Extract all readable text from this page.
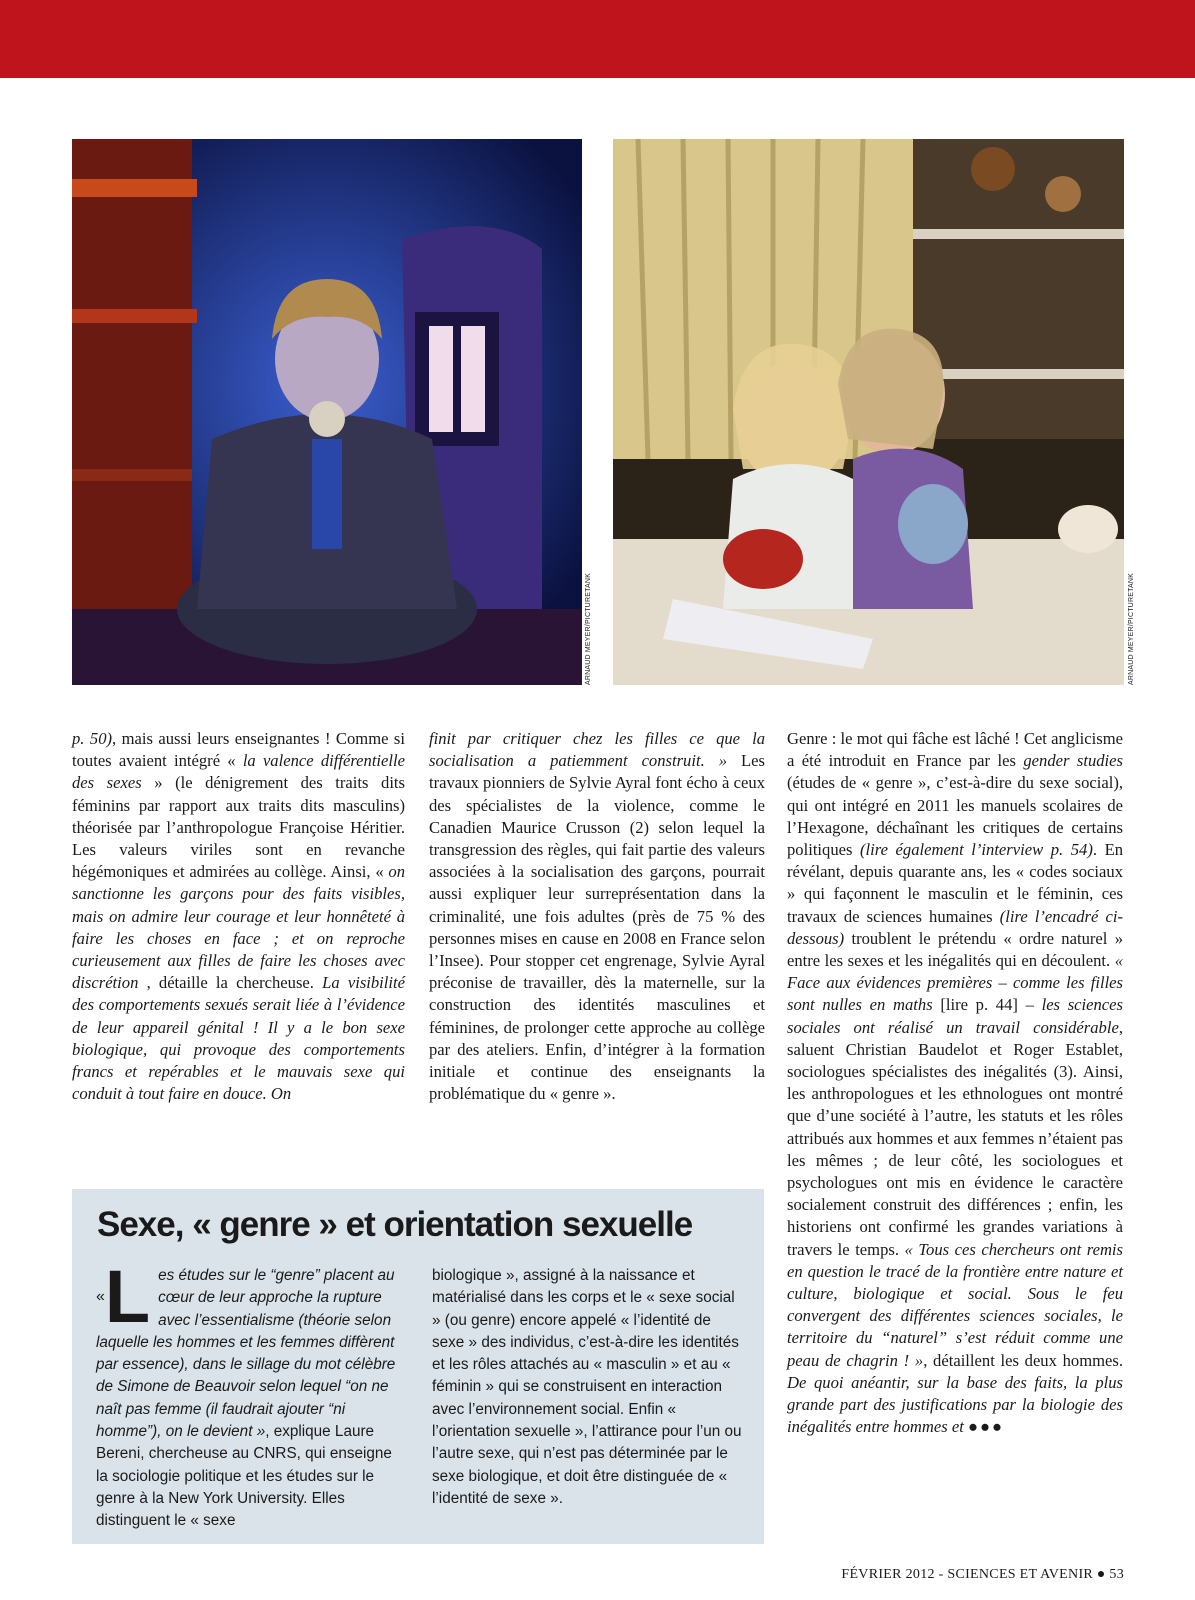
ARNAUD MEYER/PICTURETANK	ARNAUD MEYER/PICTURETANK

p. 50), mais aussi leurs enseignantes ! Comme si toutes avaient intégré « la valence différentielle des sexes » (le dénigrement des traits dits féminins par rapport aux traits dits masculins) théorisée par l’anthropologue Françoise Héritier. Les valeurs viriles sont en revanche hégémoniques et admirées au collège. Ainsi, « on sanctionne les garçons pour des faits visibles, mais on admire leur courage et leur honnêteté à faire les choses en face ; et on reproche curieusement aux filles de faire les choses avec discrétion , détaille la chercheuse. La visibilité des comportements sexués serait liée à l’évidence de leur appareil génital ! Il y a le bon sexe biologique, qui provoque des comportements francs et repérables et le mauvais sexe qui conduit à tout faire en douce. On

finit par critiquer chez les filles ce que la socialisation a patiemment construit. » Les travaux pionniers de Sylvie Ayral font écho à ceux des spécialistes de la violence, comme le Canadien Maurice Crusson (2) selon lequel la transgression des règles, qui fait partie des valeurs associées à la socialisation des garçons, pourrait aussi expliquer leur surreprésentation dans la criminalité, une fois adultes (près de 75 % des personnes mises en cause en 2008 en France selon l’Insee). Pour stopper cet engrenage, Sylvie Ayral préconise de travailler, dès la maternelle, sur la construction des identités masculines et féminines, de prolonger cette approche au collège par des ateliers. Enfin, d’intégrer à la formation initiale et continue des enseignants la problématique du « genre ».

Genre : le mot qui fâche est lâché ! Cet anglicisme a été introduit en France par les gender studies (études de « genre », c’est-à-dire du sexe social), qui ont intégré en 2011 les manuels scolaires de l’Hexagone, déchaînant les critiques de certains politiques (lire également l’interview p. 54). En révélant, depuis quarante ans, les « codes sociaux » qui façonnent le masculin et le féminin, ces travaux de sciences humaines (lire l’encadré ci-dessous) troublent le prétendu « ordre naturel » entre les sexes et les inégalités qui en découlent. « Face aux évidences premières – comme les filles sont nulles en maths [lire p. 44] – les sciences sociales ont réalisé un travail considérable, saluent Christian Baudelot et Roger Establet, sociologues spécialistes des inégalités (3). Ainsi, les anthropologues et les ethnologues ont montré que d’une société à l’autre, les statuts et les rôles attribués aux hommes et aux femmes n’étaient pas les mêmes ; de leur côté, les sociologues et psychologues ont mis en évidence le caractère socialement construit des différences ; enfin, les historiens ont confirmé les grandes variations à travers le temps. « Tous ces chercheurs ont remis en question le tracé de la frontière entre nature et culture, biologique et social. Sous le feu convergent des différentes sciences sociales, le territoire du “naturel” s’est réduit comme une peau de chagrin ! », détaillent les deux hommes. De quoi anéantir, sur la base des faits, la plus grande part des justifications par la biologie des inégalités entre hommes et ●●●

Sexe, « genre » et orientation sexuelle

«L es études sur le “genre” placent au cœur de leur approche la rupture avec l’essentialisme (théorie selon laquelle les hommes et les femmes diffèrent par essence), dans le sillage du mot célèbre de Simone de Beauvoir selon lequel “on ne naît pas femme (il faudrait ajouter “ni homme”), on le devient », explique Laure Bereni, chercheuse au CNRS, qui enseigne la sociologie politique et les études sur le genre à la New York University. Elles distinguent le « sexe

biologique », assigné à la naissance et matérialisé dans les corps et le « sexe social » (ou genre) encore appelé « l’identité de sexe » des individus, c’est-à-dire les identités et les rôles attachés au « masculin » et au « féminin » qui se construisent en interaction avec l’environnement social. Enfin « l’orientation sexuelle », l’attirance pour l’un ou l’autre sexe, qui n’est pas déterminée par le sexe biologique, et doit être distinguée de « l’identité de sexe ».

FÉVRIER 2012 - SCIENCES ET AVENIR ● 53
